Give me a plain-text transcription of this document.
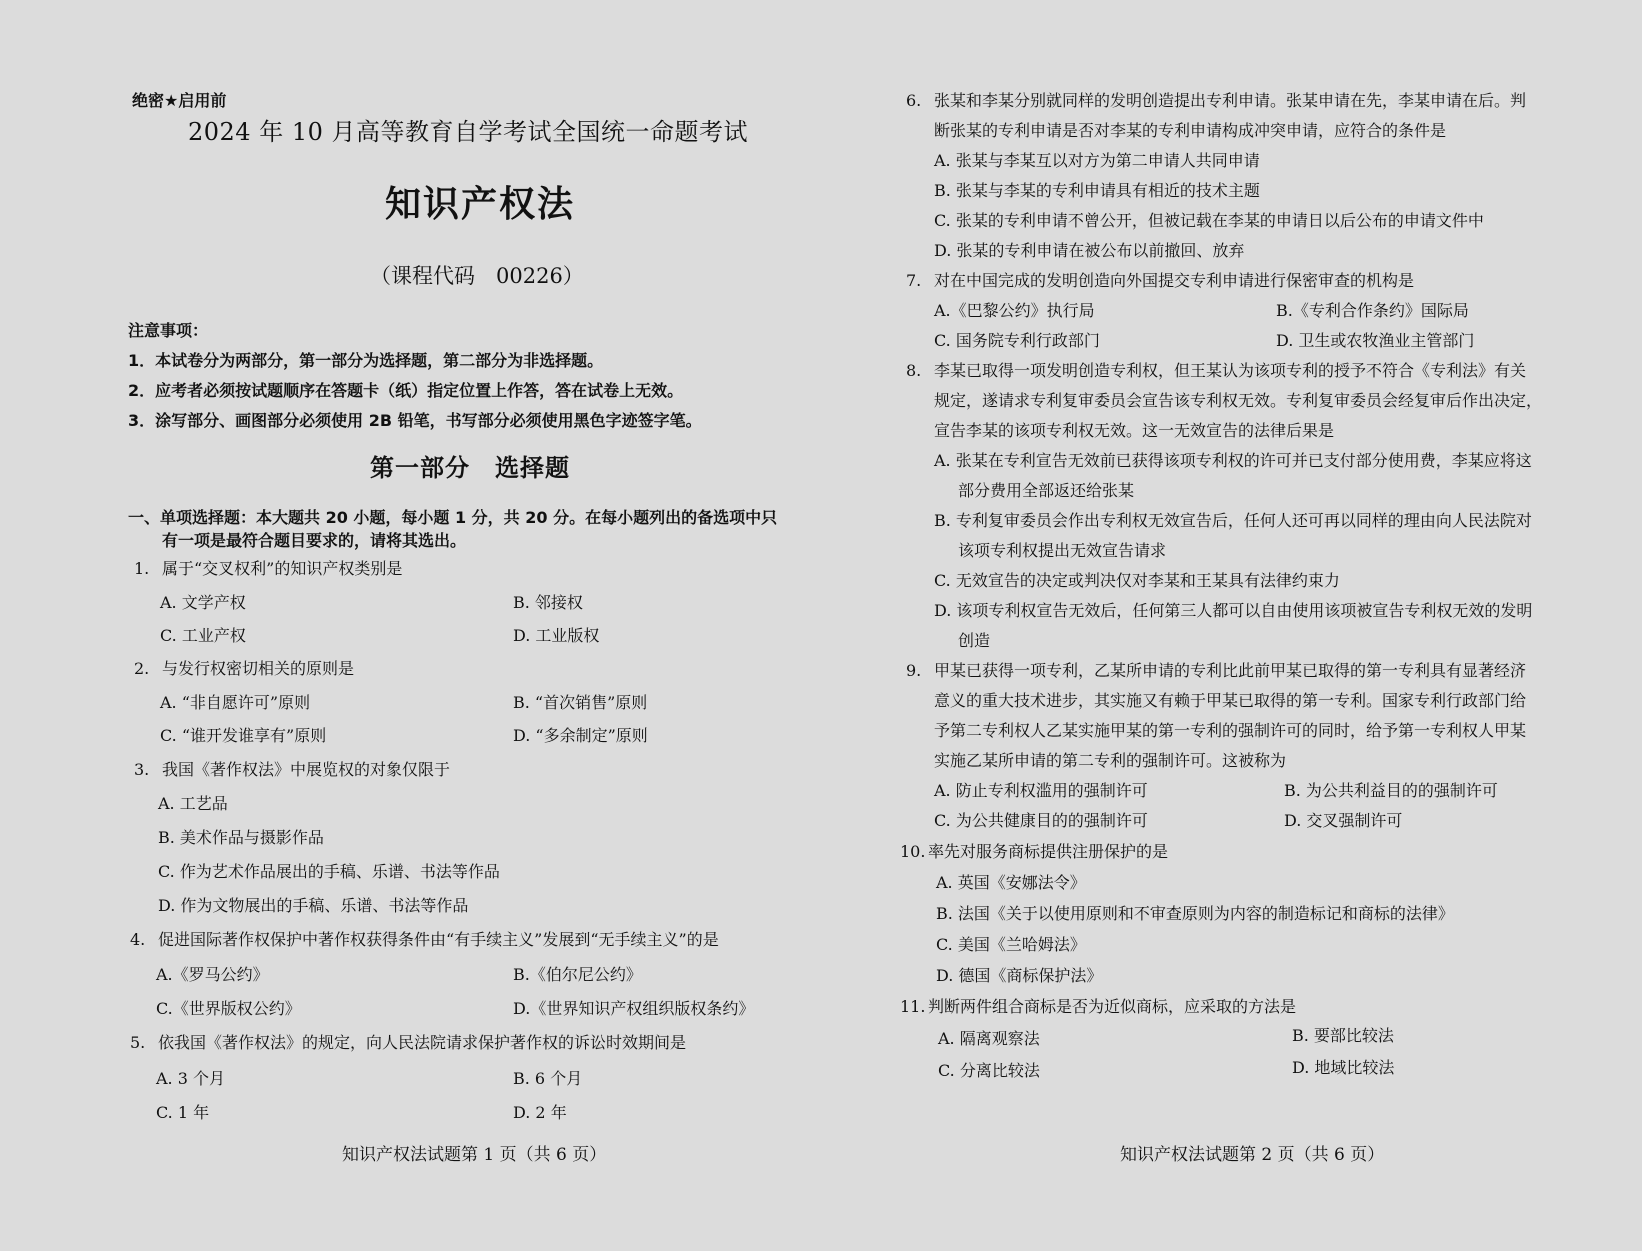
绝密★启用前
2024 年 10 月高等教育自学考试全国统一命题考试
知识产权法
（课程代码　00226）
注意事项：
1．本试卷分为两部分，第一部分为选择题，第二部分为非选择题。
2．应考者必须按试题顺序在答题卡（纸）指定位置上作答，答在试卷上无效。
3．涂写部分、画图部分必须使用 2B 铅笔，书写部分必须使用黑色字迹签字笔。
第一部分　选择题
一、单项选择题：本大题共 20 小题，每小题 1 分，共 20 分。在每小题列出的备选项中只
有一项是最符合题目要求的，请将其选出。
1. 属于“交叉权利”的知识产权类别是
A. 文学产权	B. 邻接权
C. 工业产权	D. 工业版权
2. 与发行权密切相关的原则是
A. “非自愿许可”原则	B. “首次销售”原则
C. “谁开发谁享有”原则	D. “多余制定”原则
3. 我国《著作权法》中展览权的对象仅限于
A. 工艺品
B. 美术作品与摄影作品
C. 作为艺术作品展出的手稿、乐谱、书法等作品
D. 作为文物展出的手稿、乐谱、书法等作品
4. 促进国际著作权保护中著作权获得条件由“有手续主义”发展到“无手续主义”的是
A.《罗马公约》	B.《伯尔尼公约》
C.《世界版权公约》	D.《世界知识产权组织版权条约》
5. 依我国《著作权法》的规定，向人民法院请求保护著作权的诉讼时效期间是
A. 3 个月	B. 6 个月
C. 1 年	D. 2 年
知识产权法试题第 1 页（共 6 页）
6. 张某和李某分别就同样的发明创造提出专利申请。张某申请在先，李某申请在后。判
断张某的专利申请是否对李某的专利申请构成冲突申请，应符合的条件是
A. 张某与李某互以对方为第二申请人共同申请
B. 张某与李某的专利申请具有相近的技术主题
C. 张某的专利申请不曾公开，但被记载在李某的申请日以后公布的申请文件中
D. 张某的专利申请在被公布以前撤回、放弃
7. 对在中国完成的发明创造向外国提交专利申请进行保密审查的机构是
A.《巴黎公约》执行局	B.《专利合作条约》国际局
C. 国务院专利行政部门	D. 卫生或农牧渔业主管部门
8. 李某已取得一项发明创造专利权，但王某认为该项专利的授予不符合《专利法》有关
规定，遂请求专利复审委员会宣告该专利权无效。专利复审委员会经复审后作出决定，
宣告李某的该项专利权无效。这一无效宣告的法律后果是
A. 张某在专利宣告无效前已获得该项专利权的许可并已支付部分使用费，李某应将这
部分费用全部返还给张某
B. 专利复审委员会作出专利权无效宣告后，任何人还可再以同样的理由向人民法院对
该项专利权提出无效宣告请求
C. 无效宣告的决定或判决仅对李某和王某具有法律约束力
D. 该项专利权宣告无效后，任何第三人都可以自由使用该项被宣告专利权无效的发明
创造
9. 甲某已获得一项专利，乙某所申请的专利比此前甲某已取得的第一专利具有显著经济
意义的重大技术进步，其实施又有赖于甲某已取得的第一专利。国家专利行政部门给
予第二专利权人乙某实施甲某的第一专利的强制许可的同时，给予第一专利权人甲某
实施乙某所申请的第二专利的强制许可。这被称为
A. 防止专利权滥用的强制许可	B. 为公共利益目的的强制许可
C. 为公共健康目的的强制许可	D. 交叉强制许可
10. 率先对服务商标提供注册保护的是
A. 英国《安娜法令》
B. 法国《关于以使用原则和不审查原则为内容的制造标记和商标的法律》
C. 美国《兰哈姆法》
D. 德国《商标保护法》
11. 判断两件组合商标是否为近似商标，应采取的方法是
A. 隔离观察法	B. 要部比较法
C. 分离比较法	D. 地域比较法
知识产权法试题第 2 页（共 6 页）
